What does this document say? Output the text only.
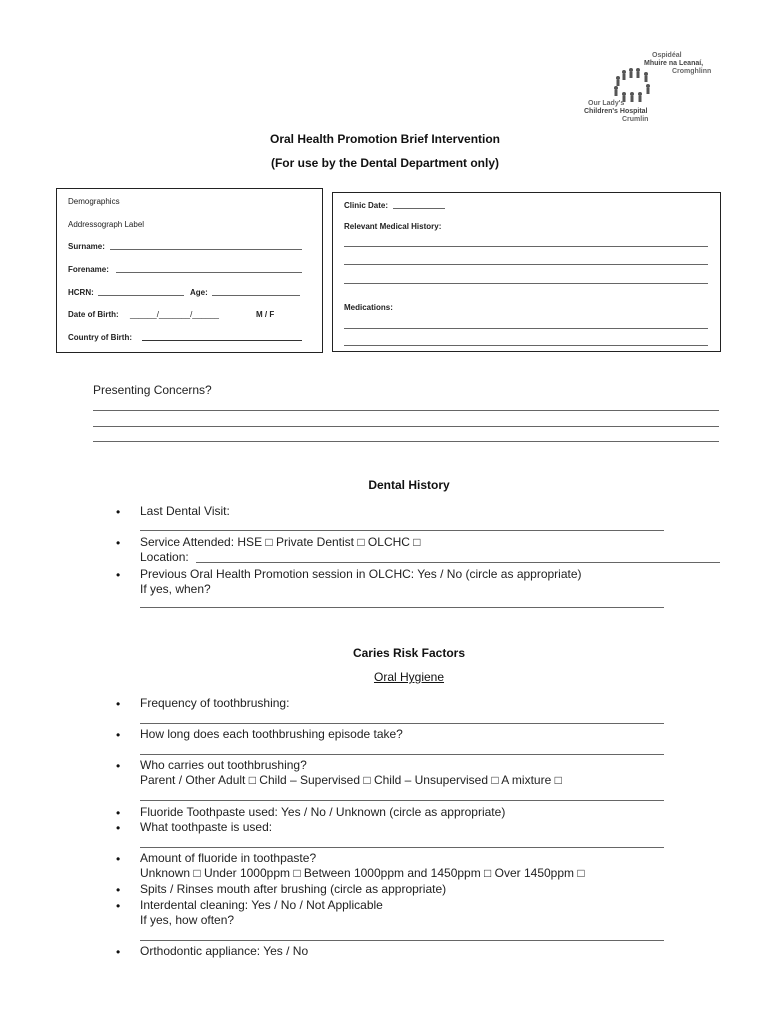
Ospidéal
Mhuire na Leanaí,
Cromghlinn
Our Lady's
Children's Hospital
Crumlin
Oral Health Promotion Brief Intervention
(For use by the Dental Department only)
Demographics
Addressograph Label
Surname:
Forename:
HCRN:	Age:
Date of Birth: ______/_______/______	M / F
Country of Birth:
Clinic Date:
Relevant Medical History:
Medications:
Presenting Concerns?
Dental History
• Last Dental Visit:
• Service Attended: HSE □ Private Dentist □ OLCHC □
Location:
• Previous Oral Health Promotion session in OLCHC: Yes / No (circle as appropriate)
If yes, when?
Caries Risk Factors
Oral Hygiene
• Frequency of toothbrushing:
• How long does each toothbrushing episode take?
• Who carries out toothbrushing?
Parent / Other Adult □ Child – Supervised □ Child – Unsupervised □ A mixture □
• Fluoride Toothpaste used: Yes / No / Unknown (circle as appropriate)
• What toothpaste is used:
• Amount of fluoride in toothpaste?
Unknown □ Under 1000ppm □ Between 1000ppm and 1450ppm □ Over 1450ppm □
• Spits / Rinses mouth after brushing (circle as appropriate)
• Interdental cleaning: Yes / No / Not Applicable
If yes, how often?
• Orthodontic appliance: Yes / No
